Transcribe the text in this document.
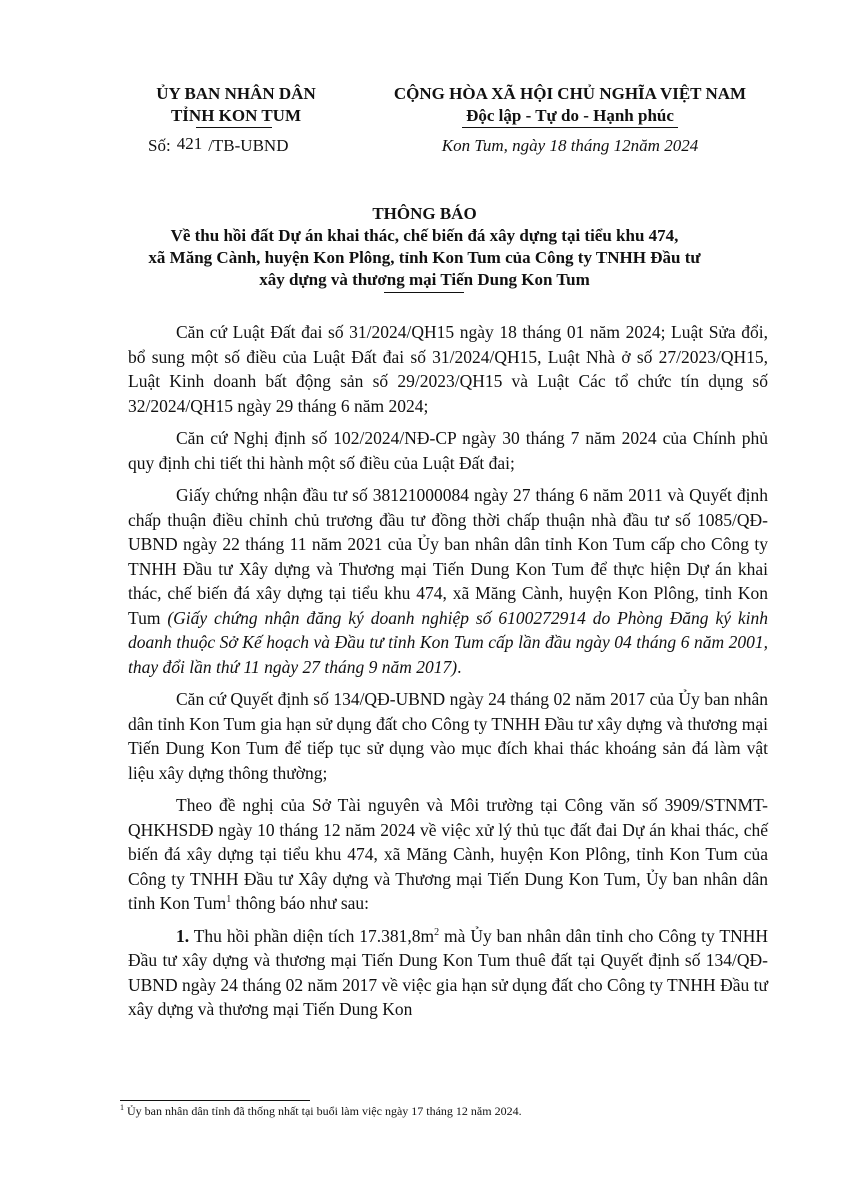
ỦY BAN NHÂN DÂN
TỈNH KON TUM
Số: 421 /TB-UBND
CỘNG HÒA XÃ HỘI CHỦ NGHĨA VIỆT NAM
Độc lập - Tự do - Hạnh phúc
Kon Tum, ngày 18 tháng 12năm 2024
THÔNG BÁO
Về thu hồi đất Dự án khai thác, chế biến đá xây dựng tại tiểu khu 474,
xã Măng Cành, huyện Kon Plông, tỉnh Kon Tum của Công ty TNHH Đầu tư
xây dựng và thương mại Tiến Dung Kon Tum

Căn cứ Luật Đất đai số 31/2024/QH15 ngày 18 tháng 01 năm 2024; Luật Sửa đổi, bổ sung một số điều của Luật Đất đai số 31/2024/QH15, Luật Nhà ở số 27/2023/QH15, Luật Kinh doanh bất động sản số 29/2023/QH15 và Luật Các tổ chức tín dụng số 32/2024/QH15 ngày 29 tháng 6 năm 2024;

Căn cứ Nghị định số 102/2024/NĐ-CP ngày 30 tháng 7 năm 2024 của Chính phủ quy định chi tiết thi hành một số điều của Luật Đất đai;

Giấy chứng nhận đầu tư số 38121000084 ngày 27 tháng 6 năm 2011 và Quyết định chấp thuận điều chỉnh chủ trương đầu tư đồng thời chấp thuận nhà đầu tư số 1085/QĐ-UBND ngày 22 tháng 11 năm 2021 của Ủy ban nhân dân tỉnh Kon Tum cấp cho Công ty TNHH Đầu tư Xây dựng và Thương mại Tiến Dung Kon Tum để thực hiện Dự án khai thác, chế biến đá xây dựng tại tiểu khu 474, xã Măng Cành, huyện Kon Plông, tỉnh Kon Tum (Giấy chứng nhận đăng ký doanh nghiệp số 6100272914 do Phòng Đăng ký kinh doanh thuộc Sở Kế hoạch và Đầu tư tỉnh Kon Tum cấp lần đầu ngày 04 tháng 6 năm 2001, thay đổi lần thứ 11 ngày 27 tháng 9 năm 2017).

Căn cứ Quyết định số 134/QĐ-UBND ngày 24 tháng 02 năm 2017 của Ủy ban nhân dân tỉnh Kon Tum gia hạn sử dụng đất cho Công ty TNHH Đầu tư xây dựng và thương mại Tiến Dung Kon Tum để tiếp tục sử dụng vào mục đích khai thác khoáng sản đá làm vật liệu xây dựng thông thường;

Theo đề nghị của Sở Tài nguyên và Môi trường tại Công văn số 3909/STNMT-QHKHSDĐ ngày 10 tháng 12 năm 2024 về việc xử lý thủ tục đất đai Dự án khai thác, chế biến đá xây dựng tại tiểu khu 474, xã Măng Cành, huyện Kon Plông, tỉnh Kon Tum của Công ty TNHH Đầu tư Xây dựng và Thương mại Tiến Dung Kon Tum, Ủy ban nhân dân tỉnh Kon Tum$^1$ thông báo như sau:

1. Thu hồi phần diện tích $17.381,8m^2$ mà Ủy ban nhân dân tỉnh cho Công ty TNHH Đầu tư xây dựng và thương mại Tiến Dung Kon Tum thuê đất tại Quyết định số 134/QĐ-UBND ngày 24 tháng 02 năm 2017 về việc gia hạn sử dụng đất cho Công ty TNHH Đầu tư xây dựng và thương mại Tiến Dung Kon

$^1$ Ủy ban nhân dân tỉnh đã thống nhất tại buổi làm việc ngày 17 tháng 12 năm 2024.
